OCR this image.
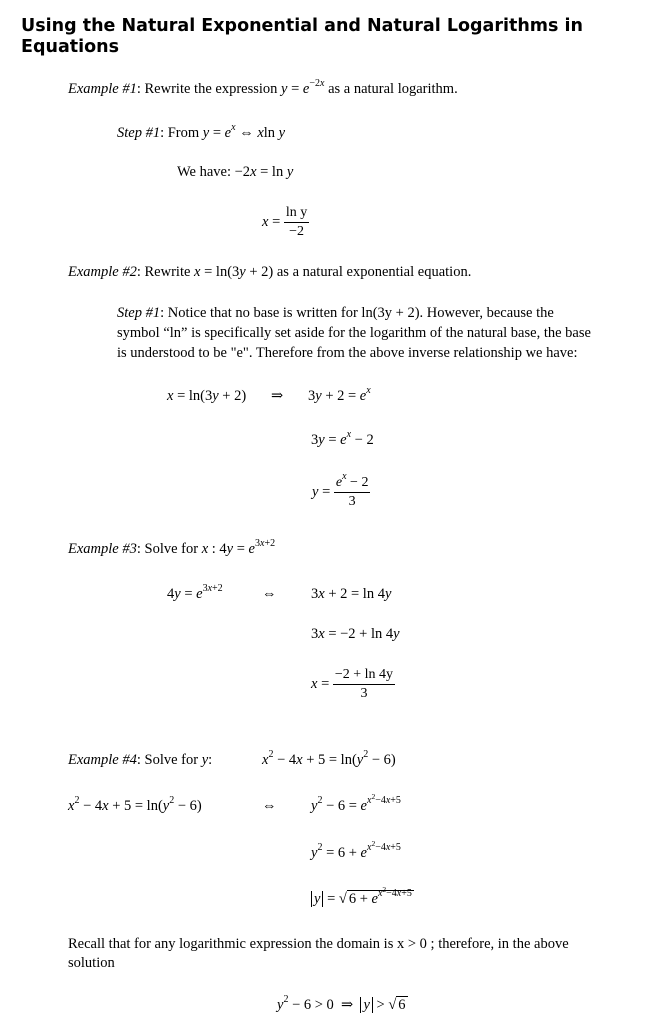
Using the Natural Exponential and Natural Logarithms in Equations
Example #1: Rewrite the expression $y = e^{-2x}$ as a natural logarithm.
Step #1: From $y = e^x$ ⇔ xln y
We have: −2x = ln y
$x = \frac{\text{ln y}}{-2}$
Example #2: Rewrite x = ln(3y + 2) as a natural exponential equation.
Step #1: Notice that no base is written for ln(3y + 2). However, because the
symbol “ln” is specifically set aside for the logarithm of the natural base, the base
is understood to be "e". Therefore from the above inverse relationship we have:
x = ln(3y + 2) ⇒ $3y + 2 = e^x$
$3y = e^x - 2$
$y = \frac{e^x - 2}{3}$
Example #3: Solve for x : $4y = e^{3x+2}$
$4y = e^{3x+2}$	⇔ 3x + 2 = ln 4y
3x = −2 + ln 4y
$x = \frac{-2 + \ln 4y}{3}$
Example #4: Solve for y:	$x^2 - 4x + 5 = \ln(y^2 - 6)$
$x^2 - 4x + 5 = \ln(y^2 - 6)$	⇔ $y^2 - 6 = e^{x^2-4x+5}$
$y^2 = 6 + e^{x^2-4x+5}$
y = √ $6 + e^{x^2-4x+5}$
Recall that for any logarithmic expression the domain is x > 0 ; therefore, in the above
solution
$y^2 - 6 > 0$  ⇒  y > √ 6
